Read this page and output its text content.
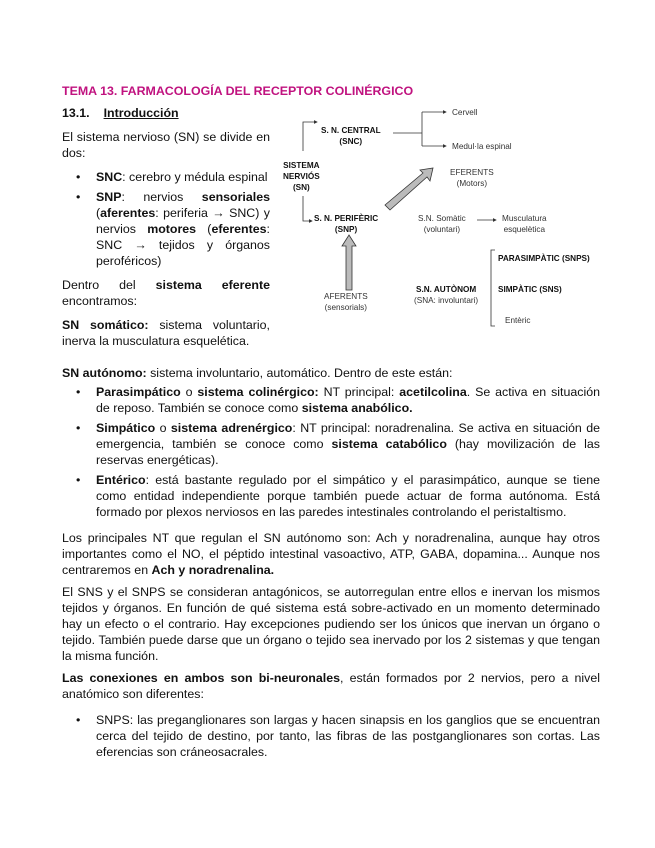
TEMA 13. FARMACOLOGÍA DEL RECEPTOR COLINÉRGICO
13.1. Introducción
El sistema nervioso (SN) se divide en dos:
• SNC: cerebro y médula espinal
• SNP: nervios sensoriales (aferentes: periferia → SNC) y nervios motores (eferentes: SNC → tejidos y órganos peroféricos)
Dentro del sistema eferente encontramos:
SN somático: sistema voluntario, inerva la musculatura esquelética.
SN autónomo: sistema involuntario, automático. Dentro de este están:
• Parasimpático o sistema colinérgico: NT principal: acetilcolina. Se activa en situación de reposo. También se conoce como sistema anabólico.
• Simpático o sistema adrenérgico: NT principal: noradrenalina. Se activa en situación de emergencia, también se conoce como sistema catabólico (hay movilización de las reservas energéticas).
• Entérico: está bastante regulado por el simpático y el parasimpático, aunque se tiene como entidad independiente porque también puede actuar de forma autónoma. Está formado por plexos nerviosos en las paredes intestinales controlando el peristaltismo.
Los principales NT que regulan el SN autónomo son: Ach y noradrenalina, aunque hay otros importantes como el NO, el péptido intestinal vasoactivo, ATP, GABA, dopamina... Aunque nos centraremos en Ach y noradrenalina.
El SNS y el SNPS se consideran antagónicos, se autorregulan entre ellos e inervan los mismos tejidos y órganos. En función de qué sistema está sobre-activado en un momento determinado hay un efecto o el contrario. Hay excepciones pudiendo ser los únicos que inervan un órgano o tejido. También puede darse que un órgano o tejido sea inervado por los 2 sistemas y que tengan la misma función.
Las conexiones en ambos son bi-neuronales, están formados por 2 nervios, pero a nivel anatómico son diferentes:
• SNPS: las preganglionares son largas y hacen sinapsis en los ganglios que se encuentran cerca del tejido de destino, por tanto, las fibras de las postganglionares son cortas. Las eferencias son cráneosacrales.
Cervell
Medul·la espinal
S. N. CENTRAL
(SNC)
SISTEMA
NERVIÓS
(SN)
EFERENTS
(Motors)
S. N. PERIFÈRIC
(SNP)
S.N. Somàtic
(voluntari)
Musculatura
esquelètica
PARASIMPÀTIC (SNPS)
S.N. AUTÒNOM
(SNA: involuntari)
SIMPÀTIC (SNS)
Entèric
AFERENTS
(sensorials)
